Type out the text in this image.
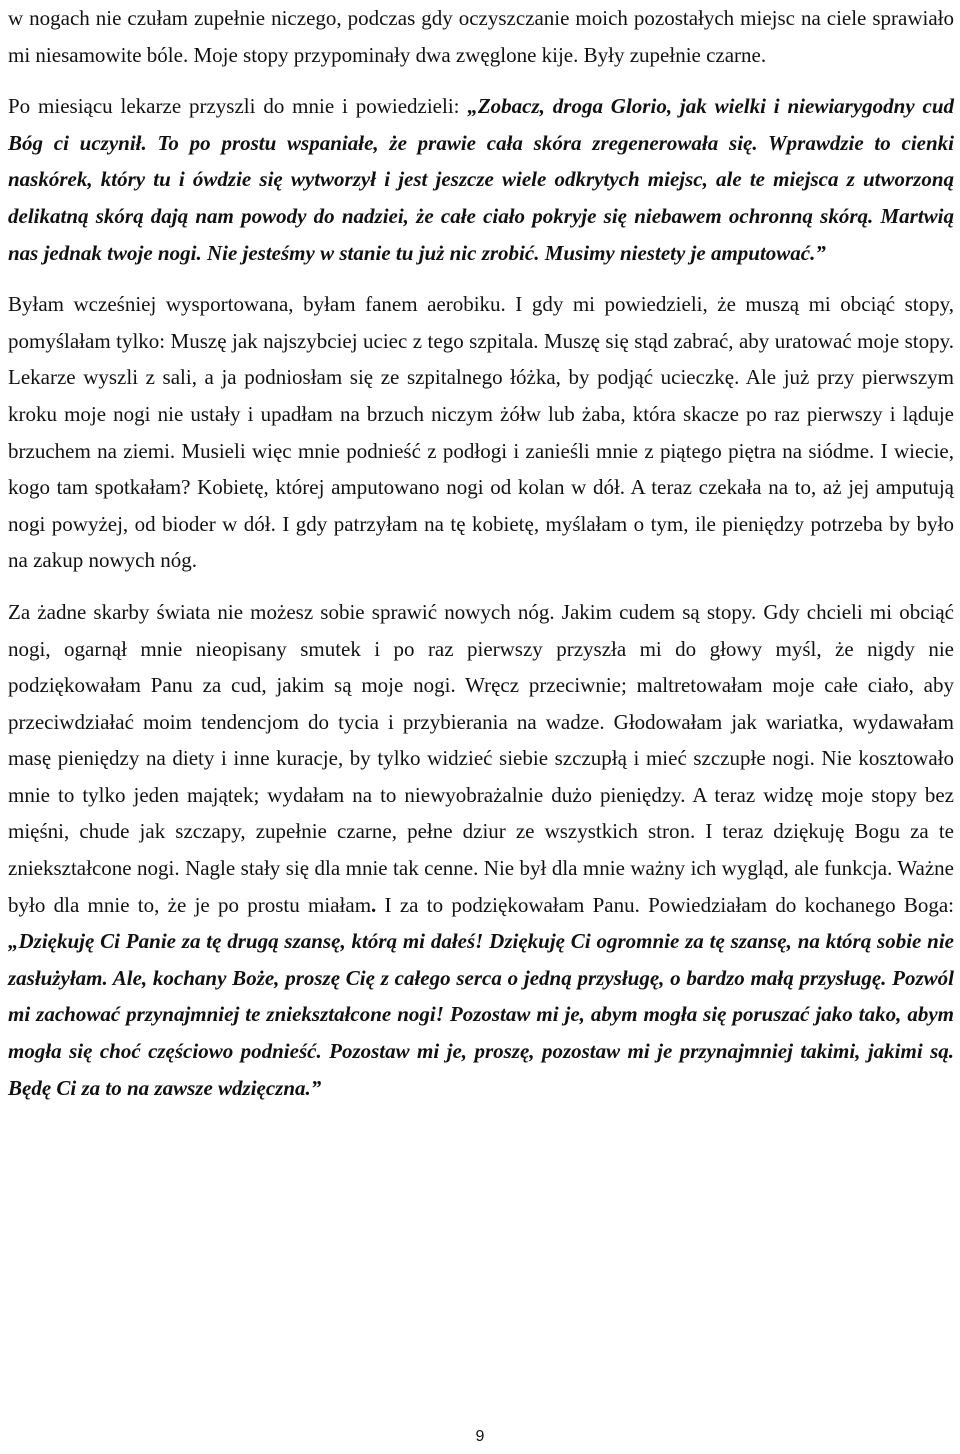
w nogach nie czułam zupełnie niczego, podczas gdy oczyszczanie moich pozostałych miejsc na ciele sprawiało mi niesamowite bóle. Moje stopy przypominały dwa zwęglone kije. Były zupełnie czarne.

Po miesiącu lekarze przyszli do mnie i powiedzieli: „Zobacz, droga Glorio, jak wielki i niewiarygodny cud Bóg ci uczynił. To po prostu wspaniałe, że prawie cała skóra zregenerowała się. Wprawdzie to cienki naskórek, który tu i ówdzie się wytworzył i jest jeszcze wiele odkrytych miejsc, ale te miejsca z utworzoną delikatną skórą dają nam powody do nadziei, że całe ciało pokryje się niebawem ochronną skórą. Martwią nas jednak twoje nogi. Nie jesteśmy w stanie tu już nic zrobić. Musimy niestety je amputować.”

Byłam wcześniej wysportowana, byłam fanem aerobiku. I gdy mi powiedzieli, że muszą mi obciąć stopy, pomyślałam tylko: Muszę jak najszybciej uciec z tego szpitala. Muszę się stąd zabrać, aby uratować moje stopy. Lekarze wyszli z sali, a ja podniosłam się ze szpitalnego łóżka, by podjąć ucieczkę. Ale już przy pierwszym kroku moje nogi nie ustały i upadłam na brzuch niczym żółw lub żaba, która skacze po raz pierwszy i ląduje brzuchem na ziemi. Musieli więc mnie podnieść z podłogi i zanieśli mnie z piątego piętra na siódme. I wiecie, kogo tam spotkałam? Kobietę, której amputowano nogi od kolan w dół. A teraz czekała na to, aż jej amputują nogi powyżej, od bioder w dół. I gdy patrzyłam na tę kobietę, myślałam o tym, ile pieniędzy potrzeba by było na zakup nowych nóg.

Za żadne skarby świata nie możesz sobie sprawić nowych nóg. Jakim cudem są stopy. Gdy chcieli mi obciąć nogi, ogarnął mnie nieopisany smutek i po raz pierwszy przyszła mi do głowy myśl, że nigdy nie podziękowałam Panu za cud, jakim są moje nogi. Wręcz przeciwnie; maltretowałam moje całe ciało, aby przeciwdziałać moim tendencjom do tycia i przybierania na wadze. Głodowałam jak wariatka, wydawałam masę pieniędzy na diety i inne kuracje, by tylko widzieć siebie szczupłą i mieć szczupłe nogi. Nie kosztowało mnie to tylko jeden majątek; wydałam na to niewyobrażalnie dużo pieniędzy. A teraz widzę moje stopy bez mięśni, chude jak szczapy, zupełnie czarne, pełne dziur ze wszystkich stron. I teraz dziękuję Bogu za te zniekształcone nogi. Nagle stały się dla mnie tak cenne. Nie był dla mnie ważny ich wygląd, ale funkcja. Ważne było dla mnie to, że je po prostu miałam. I za to podziękowałam Panu. Powiedziałam do kochanego Boga: „Dziękuję Ci Panie za tę drugą szansę, którą mi dałeś! Dziękuję Ci ogromnie za tę szansę, na którą sobie nie zasłużyłam. Ale, kochany Boże, proszę Cię z całego serca o jedną przysługę, o bardzo małą przysługę. Pozwól mi zachować przynajmniej te zniekształcone nogi! Pozostaw mi je, abym mogła się poruszać jako tako, abym mogła się choć częściowo podnieść. Pozostaw mi je, proszę, pozostaw mi je przynajmniej takimi, jakimi są. Będę Ci za to na zawsze wdzięczna.”

9
